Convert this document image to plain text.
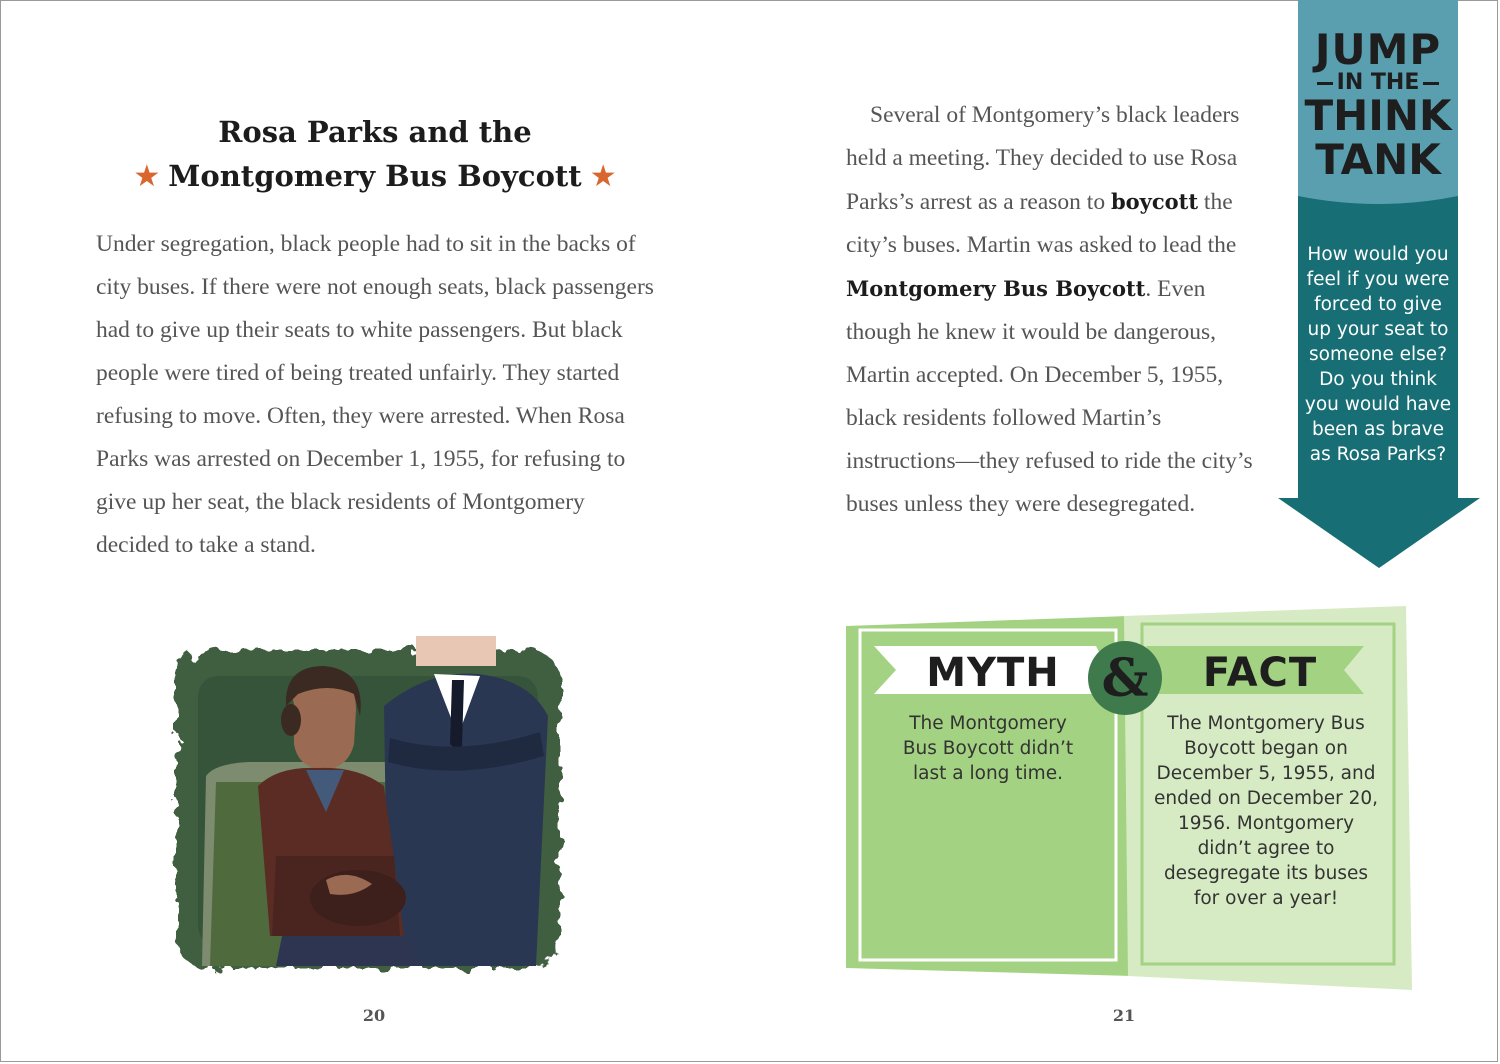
Rosa Parks and the
★ Montgomery Bus Boycott ★

Under segregation, black people had to sit in the backs of city buses. If there were not enough seats, black passengers had to give up their seats to white passengers. But black people were tired of being treated unfairly. They started refusing to move. Often, they were arrested. When Rosa Parks was arrested on December 1, 1955, for refusing to give up her seat, the black residents of Montgomery decided to take a stand.

20

Several of Montgomery’s black leaders held a meeting. They decided to use Rosa Parks’s arrest as a reason to boycott the city’s buses. Martin was asked to lead the Montgomery Bus Boycott. Even though he knew it would be dangerous, Martin accepted. On December 5, 1955, black residents followed Martin’s instructions—they refused to ride the city’s buses unless they were desegregated.

JUMP
IN THE
THINK
TANK
How would you feel if you were forced to give up your seat to someone else? Do you think you would have been as brave as Rosa Parks?
MYTH &	FACT
The Montgomery Bus Boycott didn’t last a long time.
The Montgomery Bus Boycott began on December 5, 1955, and ended on December 20, 1956. Montgomery didn’t agree to desegregate its buses for over a year!
21
